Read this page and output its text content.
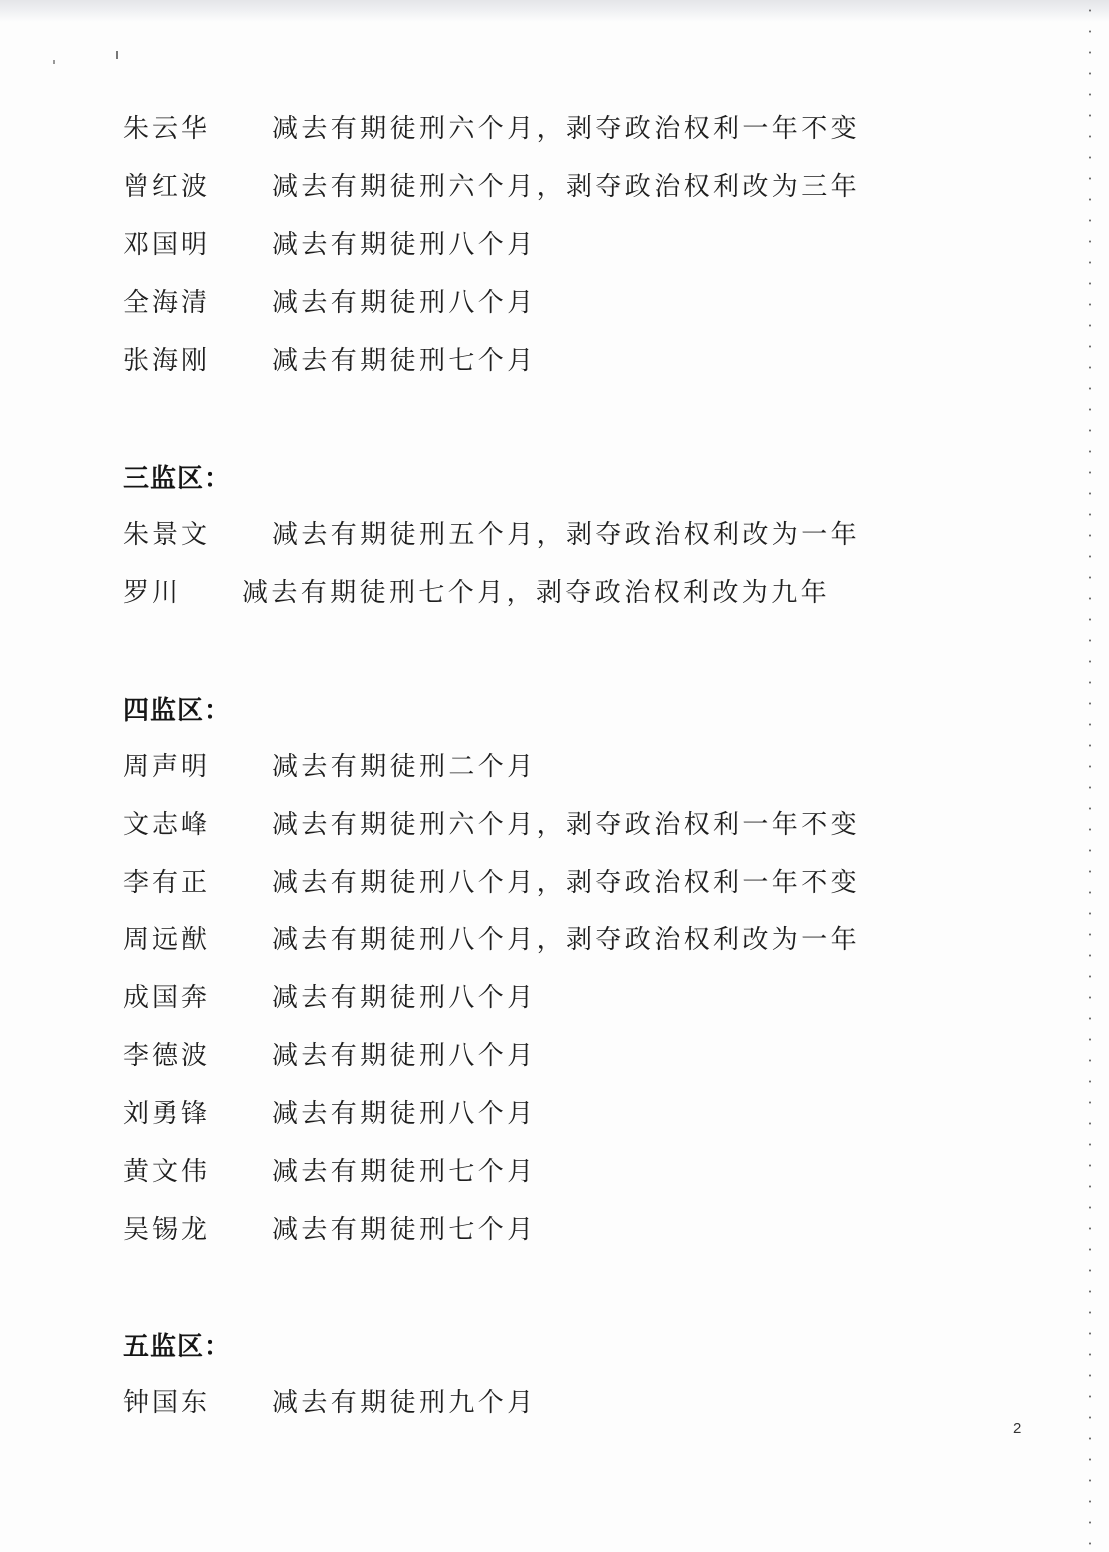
朱云华 减去有期徒刑六个月，剥夺政治权利一年不变
曾红波 减去有期徒刑六个月，剥夺政治权利改为三年
邓国明 减去有期徒刑八个月
全海清 减去有期徒刑八个月
张海刚 减去有期徒刑七个月
三监区：
朱景文 减去有期徒刑五个月，剥夺政治权利改为一年
罗川 减去有期徒刑七个月，剥夺政治权利改为九年
四监区：
周声明 减去有期徒刑二个月
文志峰 减去有期徒刑六个月，剥夺政治权利一年不变
李有正 减去有期徒刑八个月，剥夺政治权利一年不变
周远猷 减去有期徒刑八个月，剥夺政治权利改为一年
成国奔 减去有期徒刑八个月
李德波 减去有期徒刑八个月
刘勇锋 减去有期徒刑八个月
黄文伟 减去有期徒刑七个月
吴锡龙 减去有期徒刑七个月
五监区：
钟国东 减去有期徒刑九个月
2
